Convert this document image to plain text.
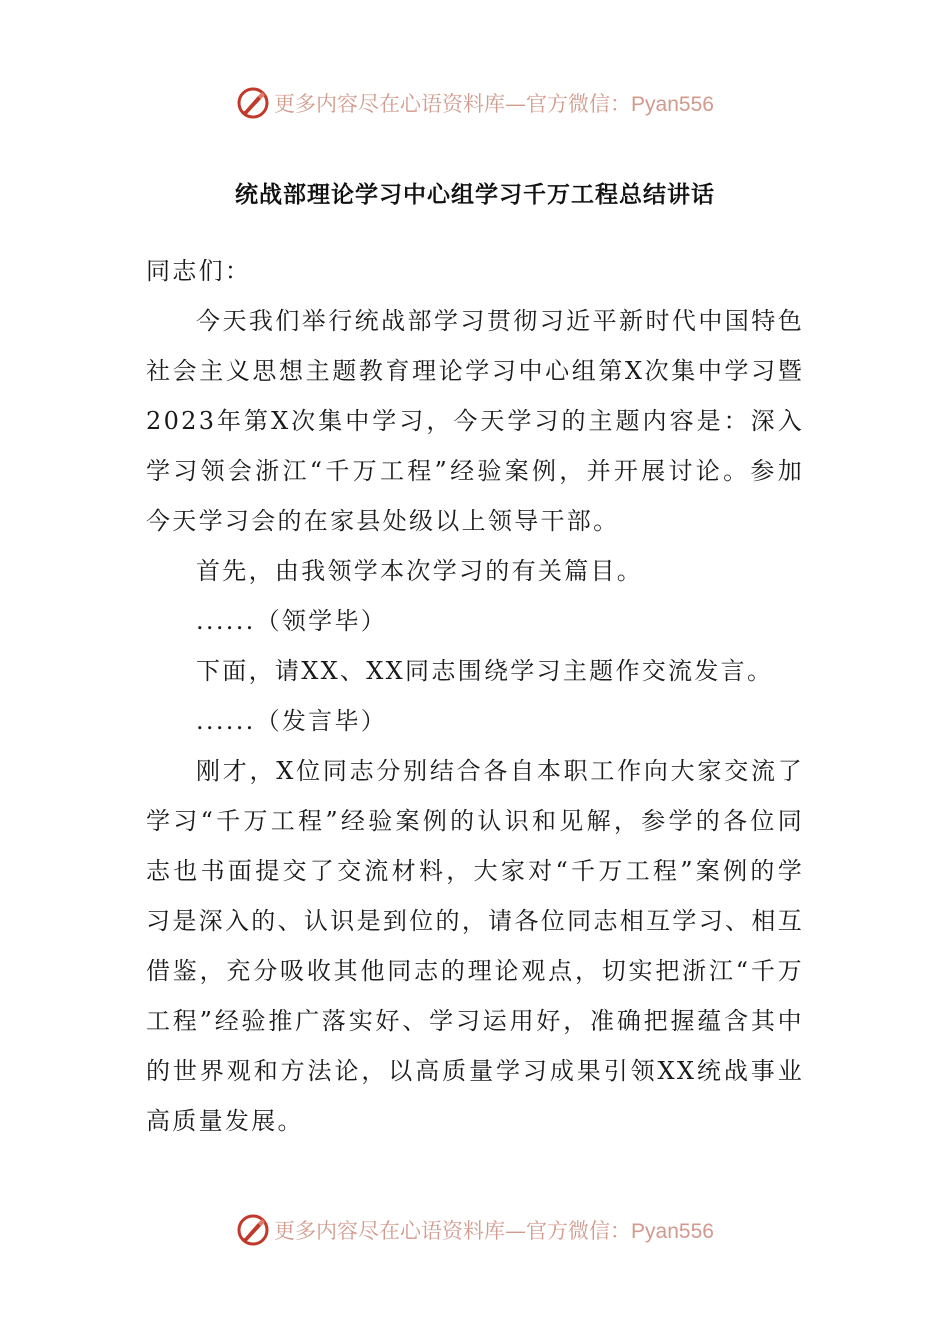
更多内容尽在心语资料库—官方微信：Pyan556
统战部理论学习中心组学习千万工程总结讲话

同志们：

今天我们举行统战部学习贯彻习近平新时代中国特色社会主义思想主题教育理论学习中心组第X次集中学习暨2023年第X次集中学习，今天学习的主题内容是：深入学习领会浙江“千万工程”经验案例，并开展讨论。参加今天学习会的在家县处级以上领导干部。

首先，由我领学本次学习的有关篇目。

......（领学毕）

下面，请XX、XX同志围绕学习主题作交流发言。

......（发言毕）

刚才，X位同志分别结合各自本职工作向大家交流了学习“千万工程”经验案例的认识和见解，参学的各位同志也书面提交了交流材料，大家对“千万工程”案例的学习是深入的、认识是到位的，请各位同志相互学习、相互借鉴，充分吸收其他同志的理论观点，切实把浙江“千万工程”经验推广落实好、学习运用好，准确把握蕴含其中的世界观和方法论，以高质量学习成果引领XX统战事业高质量发展。

更多内容尽在心语资料库—官方微信：Pyan556
